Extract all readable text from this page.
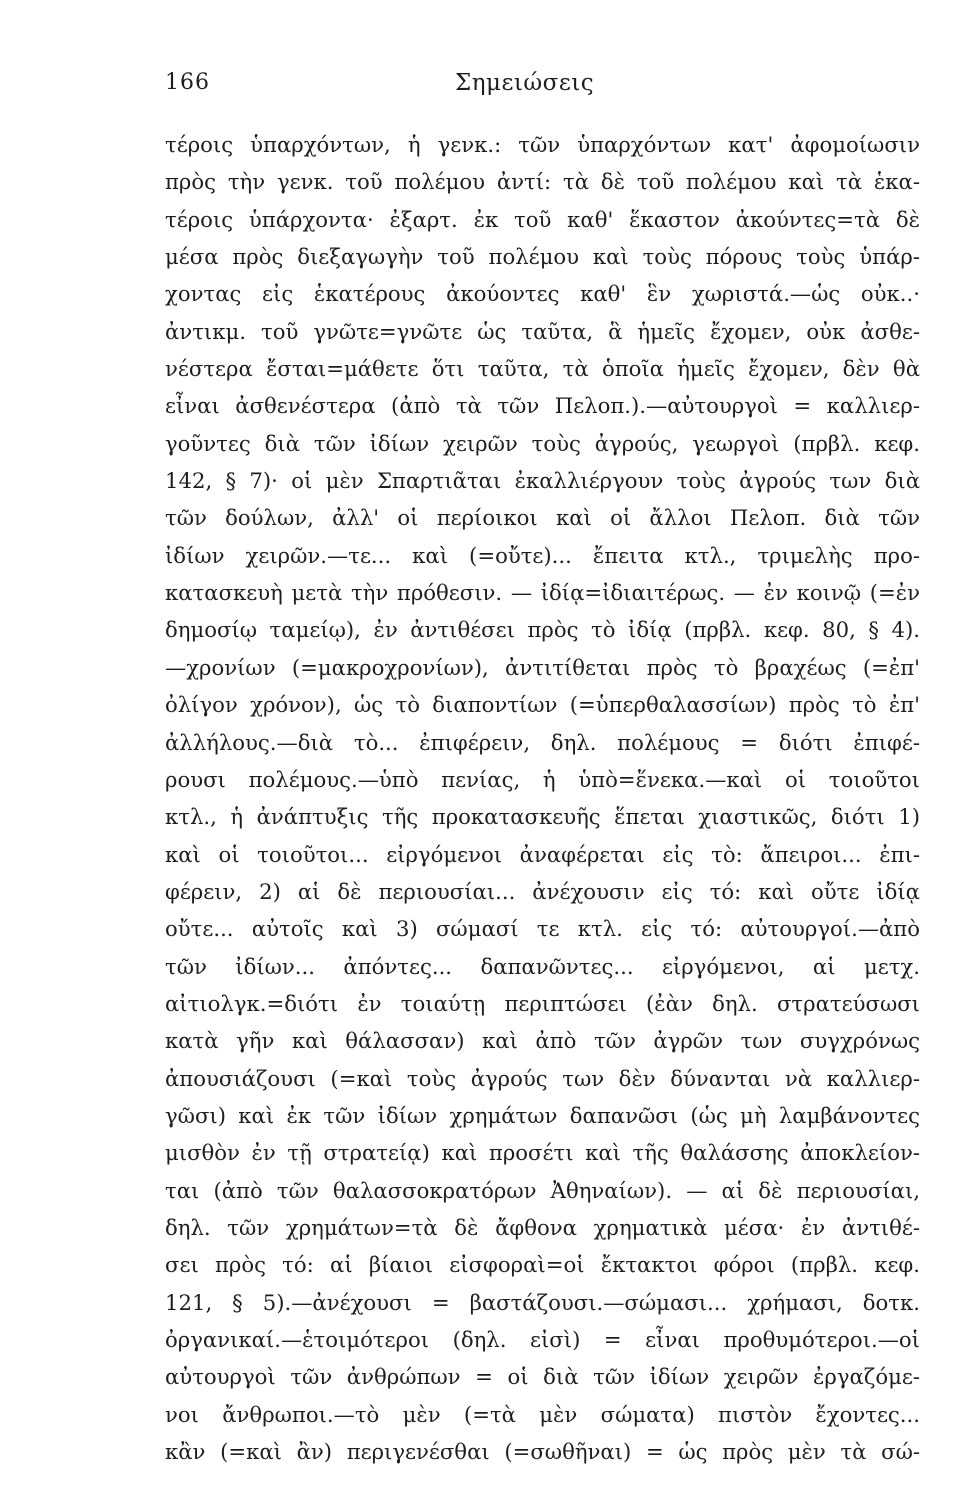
166	Σημειώσεις
τέροις ὑπαρχόντων, ἡ γενκ.: τῶν ὑπαρχόντων κατ' ἀφομοίωσιν
πρὸς τὴν γενκ. τοῦ πολέμου ἀντί: τὰ δὲ τοῦ πολέμου καὶ τὰ ἑκα-
τέροις ὑπάρχοντα· ἐξαρτ. ἐκ τοῦ καθ' ἕκαστον ἀκούντες=τὰ δὲ
μέσα πρὸς διεξαγωγὴν τοῦ πολέμου καὶ τοὺς πόρους τοὺς ὑπάρ-
χοντας εἰς ἑκατέρους ἀκούοντες καθ' ἓν χωριστά.—ὡς οὐκ..·
ἀντικμ. τοῦ γνῶτε=γνῶτε ὡς ταῦτα, ἃ ἡμεῖς ἔχομεν, οὐκ ἀσθε-
νέστερα ἔσται=μάθετε ὅτι ταῦτα, τὰ ὁποῖα ἡμεῖς ἔχομεν, δὲν θὰ
εἶναι ἀσθενέστερα (ἀπὸ τὰ τῶν Πελοπ.).—αὐτουργοὶ = καλλιερ-
γοῦντες διὰ τῶν ἰδίων χειρῶν τοὺς ἀγρούς, γεωργοὶ (πρβλ. κεφ.
142, § 7)· οἱ μὲν Σπαρτιᾶται ἐκαλλιέργουν τοὺς ἀγρούς των διὰ
τῶν δούλων, ἀλλ' οἱ περίοικοι καὶ οἱ ἄλλοι Πελοπ. διὰ τῶν
ἰδίων χειρῶν.—τε... καὶ (=οὔτε)... ἔπειτα κτλ., τριμελὴς προ-
κατασκευὴ μετὰ τὴν πρόθεσιν. — ἰδίᾳ=ἰδιαιτέρως. — ἐν κοινῷ (=ἐν
δημοσίῳ ταμείῳ), ἐν ἀντιθέσει πρὸς τὸ ἰδίᾳ (πρβλ. κεφ. 80, § 4).
—χρονίων (=μακροχρονίων), ἀντιτίθεται πρὸς τὸ βραχέως (=ἐπ'
ὀλίγον χρόνον), ὡς τὸ διαποντίων (=ὑπερθαλασσίων) πρὸς τὸ ἐπ'
ἀλλήλους.—διὰ τὸ... ἐπιφέρειν, δηλ. πολέμους = διότι ἐπιφέ-
ρουσι πολέμους.—ὑπὸ πενίας, ἡ ὑπὸ=ἕνεκα.—καὶ οἱ τοιοῦτοι
κτλ., ἡ ἀνάπτυξις τῆς προκατασκευῆς ἕπεται χιαστικῶς, διότι 1)
καὶ οἱ τοιοῦτοι... εἰργόμενοι ἀναφέρεται εἰς τὸ: ἄπειροι... ἐπι-
φέρειν, 2) αἱ δὲ περιουσίαι... ἀνέχουσιν εἰς τό: καὶ οὔτε ἰδίᾳ
οὔτε... αὐτοῖς καὶ 3) σώμασί τε κτλ. εἰς τό: αὐτουργοί.—ἀπὸ
τῶν ἰδίων... ἀπόντες... δαπανῶντες... εἰργόμενοι, αἱ μετχ.
αἰτιολγκ.=διότι ἐν τοιαύτῃ περιπτώσει (ἐὰν δηλ. στρατεύσωσι
κατὰ γῆν καὶ θάλασσαν) καὶ ἀπὸ τῶν ἀγρῶν των συγχρόνως
ἀπουσιάζουσι (=καὶ τοὺς ἀγρούς των δὲν δύνανται νὰ καλλιερ-
γῶσι) καὶ ἐκ τῶν ἰδίων χρημάτων δαπανῶσι (ὡς μὴ λαμβάνοντες
μισθὸν ἐν τῇ στρατείᾳ) καὶ προσέτι καὶ τῆς θαλάσσης ἀποκλείον-
ται (ἀπὸ τῶν θαλασσοκρατόρων Ἀθηναίων). — αἱ δὲ περιουσίαι,
δηλ. τῶν χρημάτων=τὰ δὲ ἄφθονα χρηματικὰ μέσα· ἐν ἀντιθέ-
σει πρὸς τό: αἱ βίαιοι εἰσφοραὶ=οἱ ἔκτακτοι φόροι (πρβλ. κεφ.
121, § 5).—ἀνέχουσι = βαστάζουσι.—σώμασι... χρήμασι, δοτκ.
ὀργανικαί.—ἑτοιμότεροι (δηλ. εἰσὶ) = εἶναι προθυμότεροι.—οἱ
αὐτουργοὶ τῶν ἀνθρώπων = οἱ διὰ τῶν ἰδίων χειρῶν ἐργαζόμε-
νοι ἄνθρωποι.—τὸ μὲν (=τὰ μὲν σώματα) πιστὸν ἔχοντες...
κἂν (=καὶ ἂν) περιγενέσθαι (=σωθῆναι) = ὡς πρὸς μὲν τὰ σώ-
